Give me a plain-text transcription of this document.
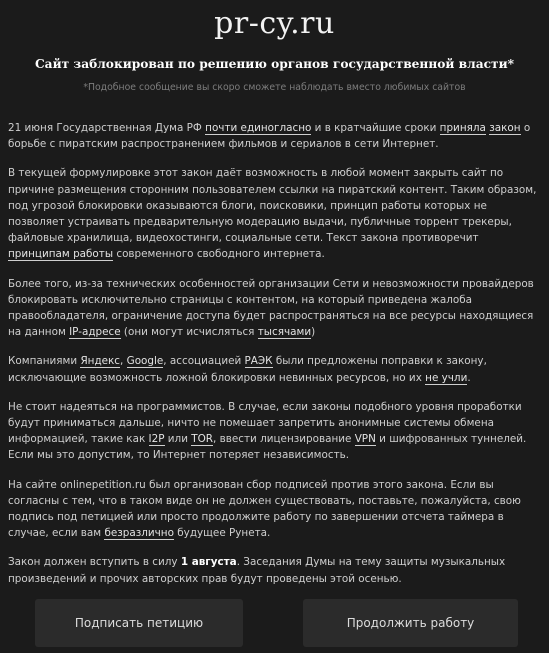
pr-cy.ru
Сайт заблокирован по решению органов государственной власти*
*Подобное сообщение вы скоро сможете наблюдать вместо любимых сайтов

21 июня Государственная Дума РФ почти единогласно и в кратчайшие сроки приняла закон о борьбе с пиратским распространением фильмов и сериалов в сети Интернет.

В текущей формулировке этот закон даёт возможность в любой момент закрыть сайт по причине размещения сторонним пользователем ссылки на пиратский контент. Таким образом, под угрозой блокировки оказываются блоги, поисковики, принцип работы которых не позволяет устраивать предварительную модерацию выдачи, публичные торрент трекеры, файловые хранилища, видеохостинги, социальные сети. Текст закона противоречит принципам работы современного свободного интернета.

Более того, из-за технических особенностей организации Сети и невозможности провайдеров блокировать исключительно страницы с контентом, на который приведена жалоба правообладателя, ограничение доступа будет распространяться на все ресурсы находящиеся на данном IP-адресе (они могут исчисляться тысячами)

Компаниями Яндекс, Google, ассоциацией РАЭК были предложены поправки к закону, исключающие возможность ложной блокировки невинных ресурсов, но их не учли.

Не стоит надеяться на программистов. В случае, если законы подобного уровня проработки будут приниматься дальше, ничто не помешает запретить анонимные системы обмена информацией, такие как I2P или TOR, ввести лицензирование VPN и шифрованных туннелей. Если мы это допустим, то Интернет потеряет независимость.

На сайте onlinepetition.ru был организован сбор подписей против этого закона. Если вы согласны с тем, что в таком виде он не должен существовать, поставьте, пожалуйста, свою подпись под петицией или просто продолжите работу по завершении отсчета таймера в случае, если вам безразлично будущее Рунета.

Закон должен вступить в силу 1 августа. Заседания Думы на тему защиты музыкальных произведений и прочих авторских прав будут проведены этой осенью.

Подписать петицию	Продолжить работу
